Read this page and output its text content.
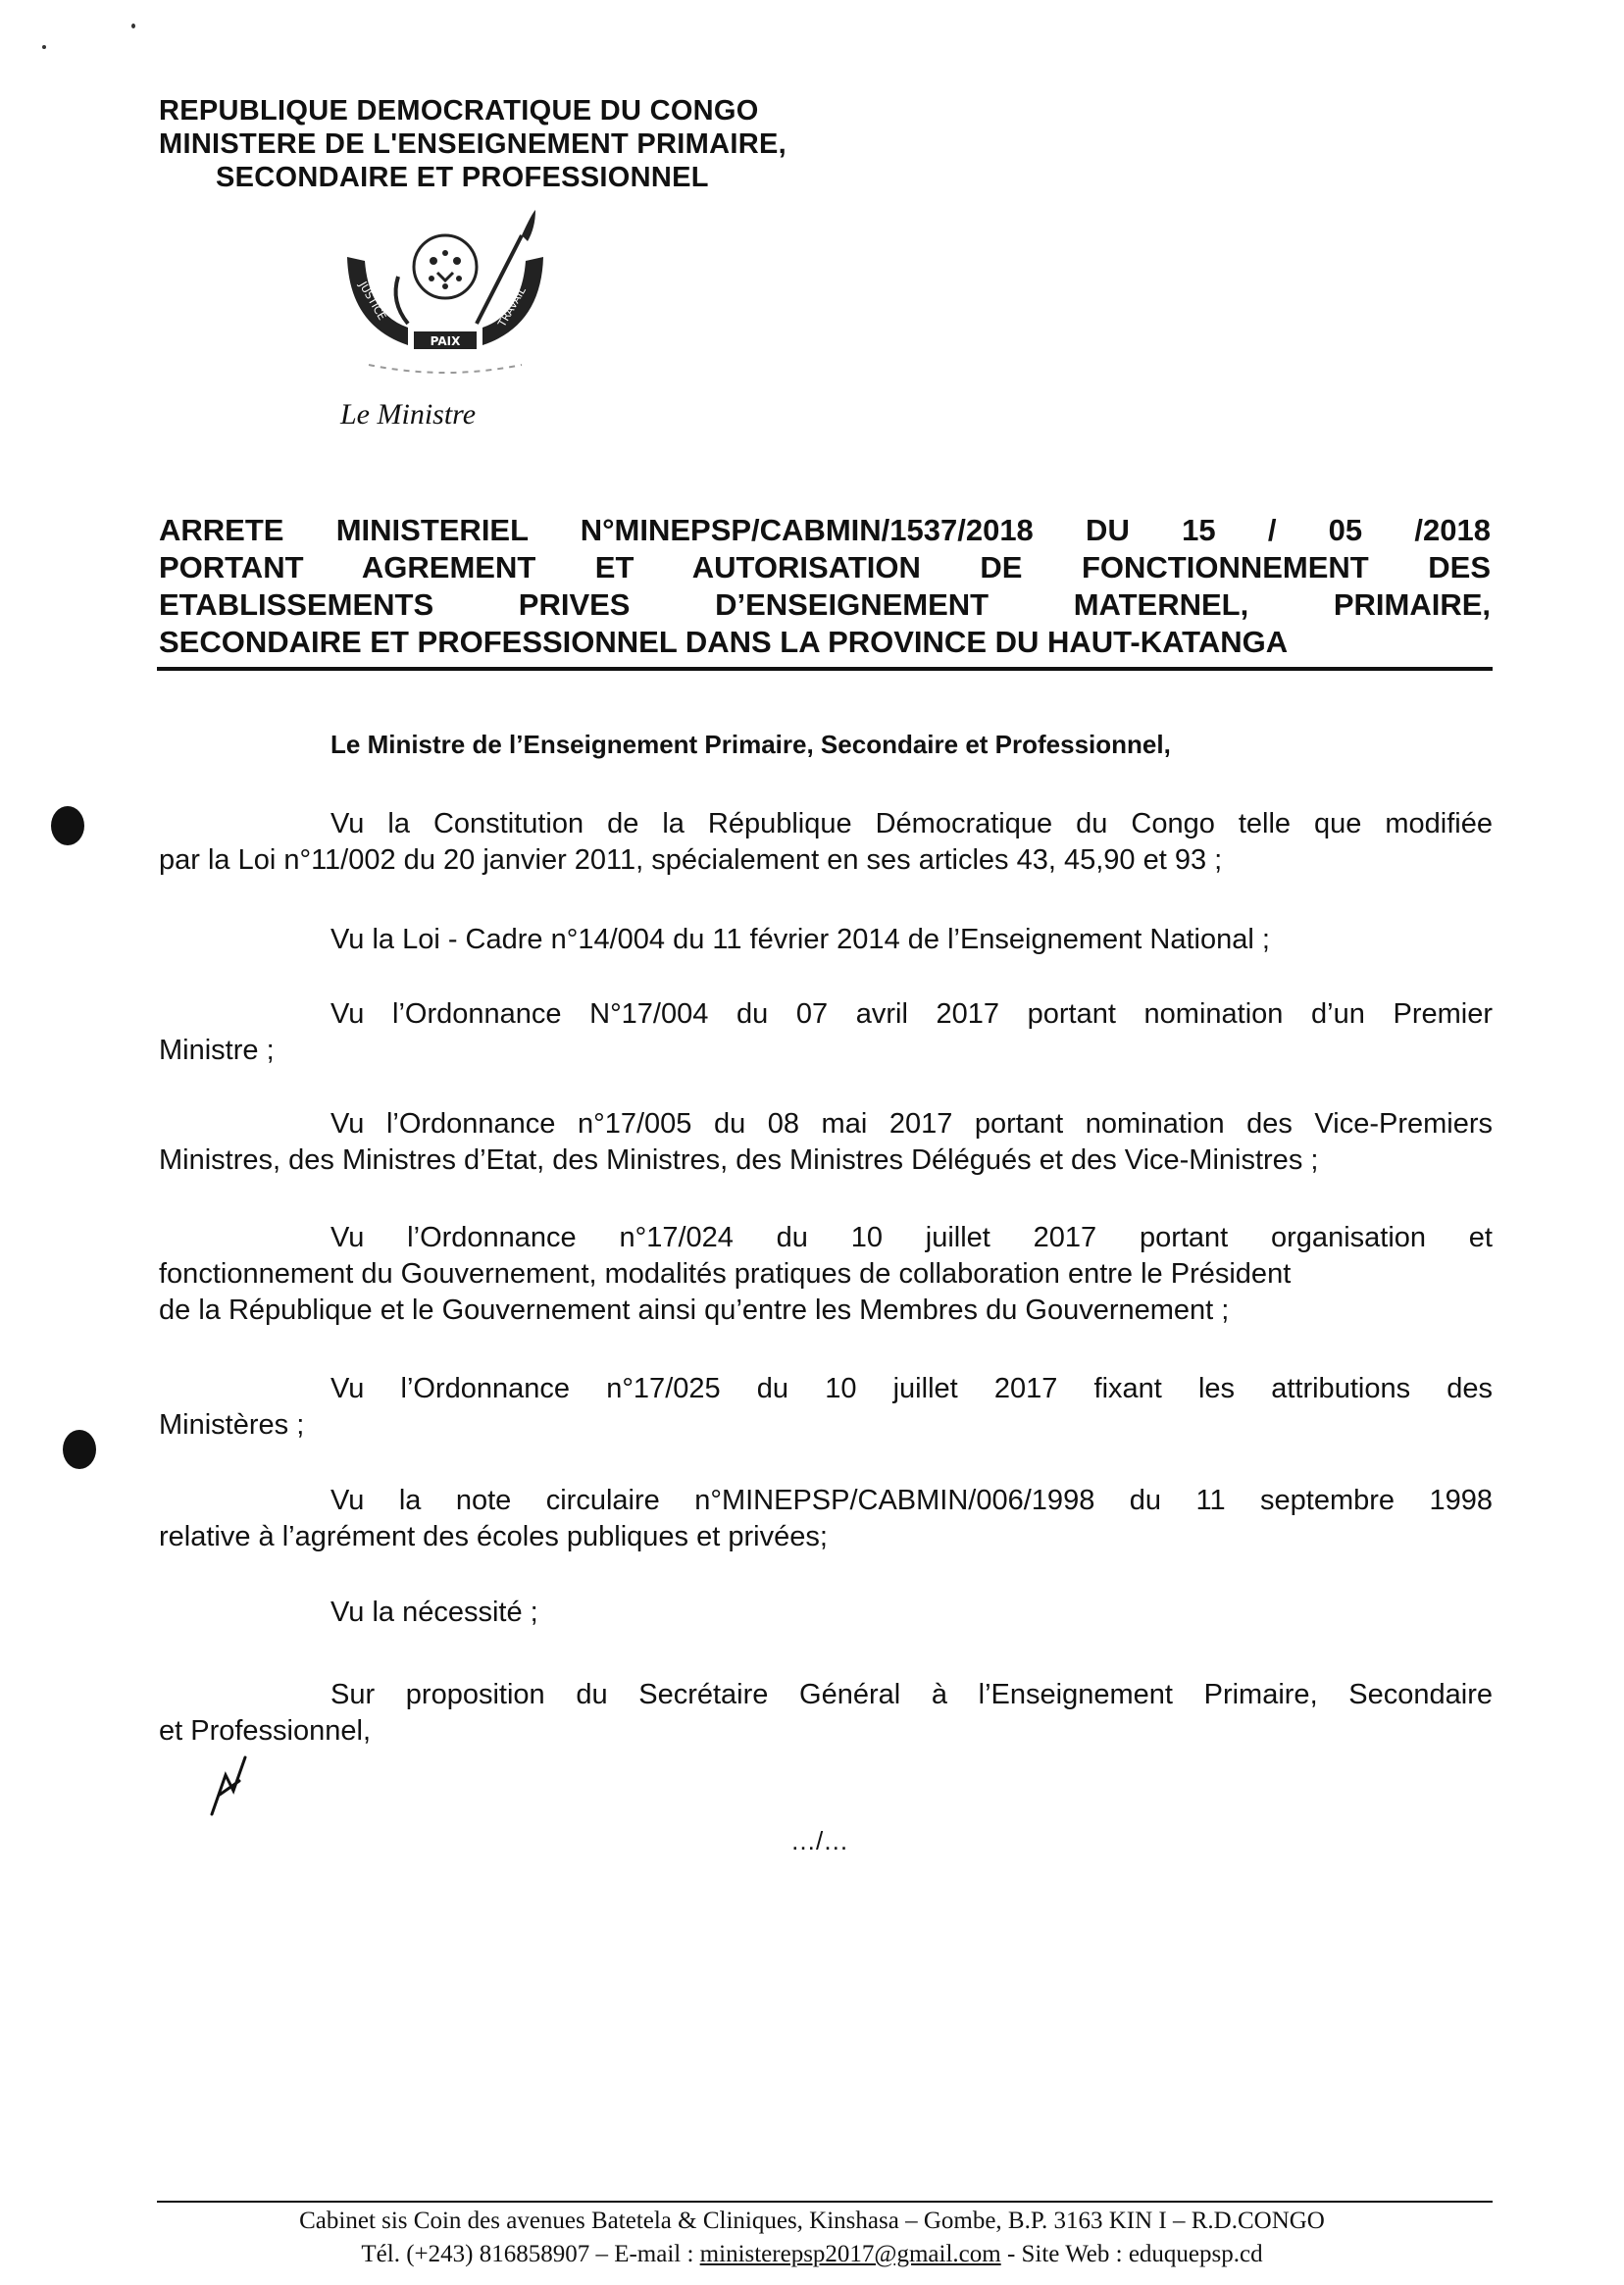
REPUBLIQUE DEMOCRATIQUE DU CONGO
MINISTERE DE L'ENSEIGNEMENT PRIMAIRE,
SECONDAIRE ET PROFESSIONNEL
JUSTICE	TRAVAIL
PAIX
Le Ministre
ARRETE MINISTERIEL N°MINEPSP/CABMIN/1537/2018 DU 15 / 05 /2018
PORTANT AGREMENT ET AUTORISATION DE FONCTIONNEMENT DES
ETABLISSEMENTS PRIVES D’ENSEIGNEMENT MATERNEL, PRIMAIRE,
SECONDAIRE ET PROFESSIONNEL DANS LA PROVINCE DU HAUT-KATANGA
Le Ministre de l’Enseignement Primaire, Secondaire et Professionnel,
Vu la Constitution de la République Démocratique du Congo telle que modifiée
par la Loi n°11/002 du 20 janvier 2011, spécialement en ses articles 43, 45,90 et 93 ;
Vu la Loi - Cadre n°14/004 du 11 février 2014 de l’Enseignement National ;
Vu l’Ordonnance N°17/004 du 07 avril 2017 portant nomination d’un Premier
Ministre ;
Vu l’Ordonnance n°17/005 du 08 mai 2017 portant nomination des Vice-Premiers
Ministres, des Ministres d’Etat, des Ministres, des Ministres Délégués et des Vice-Ministres ;
Vu l’Ordonnance n°17/024 du 10 juillet 2017 portant organisation et
fonctionnement du Gouvernement, modalités pratiques de collaboration entre le Président
de la République et le Gouvernement ainsi qu’entre les Membres du Gouvernement ;
Vu l’Ordonnance n°17/025 du 10 juillet 2017 fixant les attributions des
Ministères ;
Vu la note circulaire n°MINEPSP/CABMIN/006/1998 du 11 septembre 1998
relative à l’agrément des écoles publiques et privées;
Vu la nécessité ;
Sur proposition du Secrétaire Général à l’Enseignement Primaire, Secondaire
et Professionnel,
…/…
Cabinet sis Coin des avenues Batetela & Cliniques, Kinshasa – Gombe, B.P. 3163 KIN I – R.D.CONGO
Tél. (+243) 816858907 – E-mail : ministerepsp2017@gmail.com - Site Web : eduquepsp.cd
